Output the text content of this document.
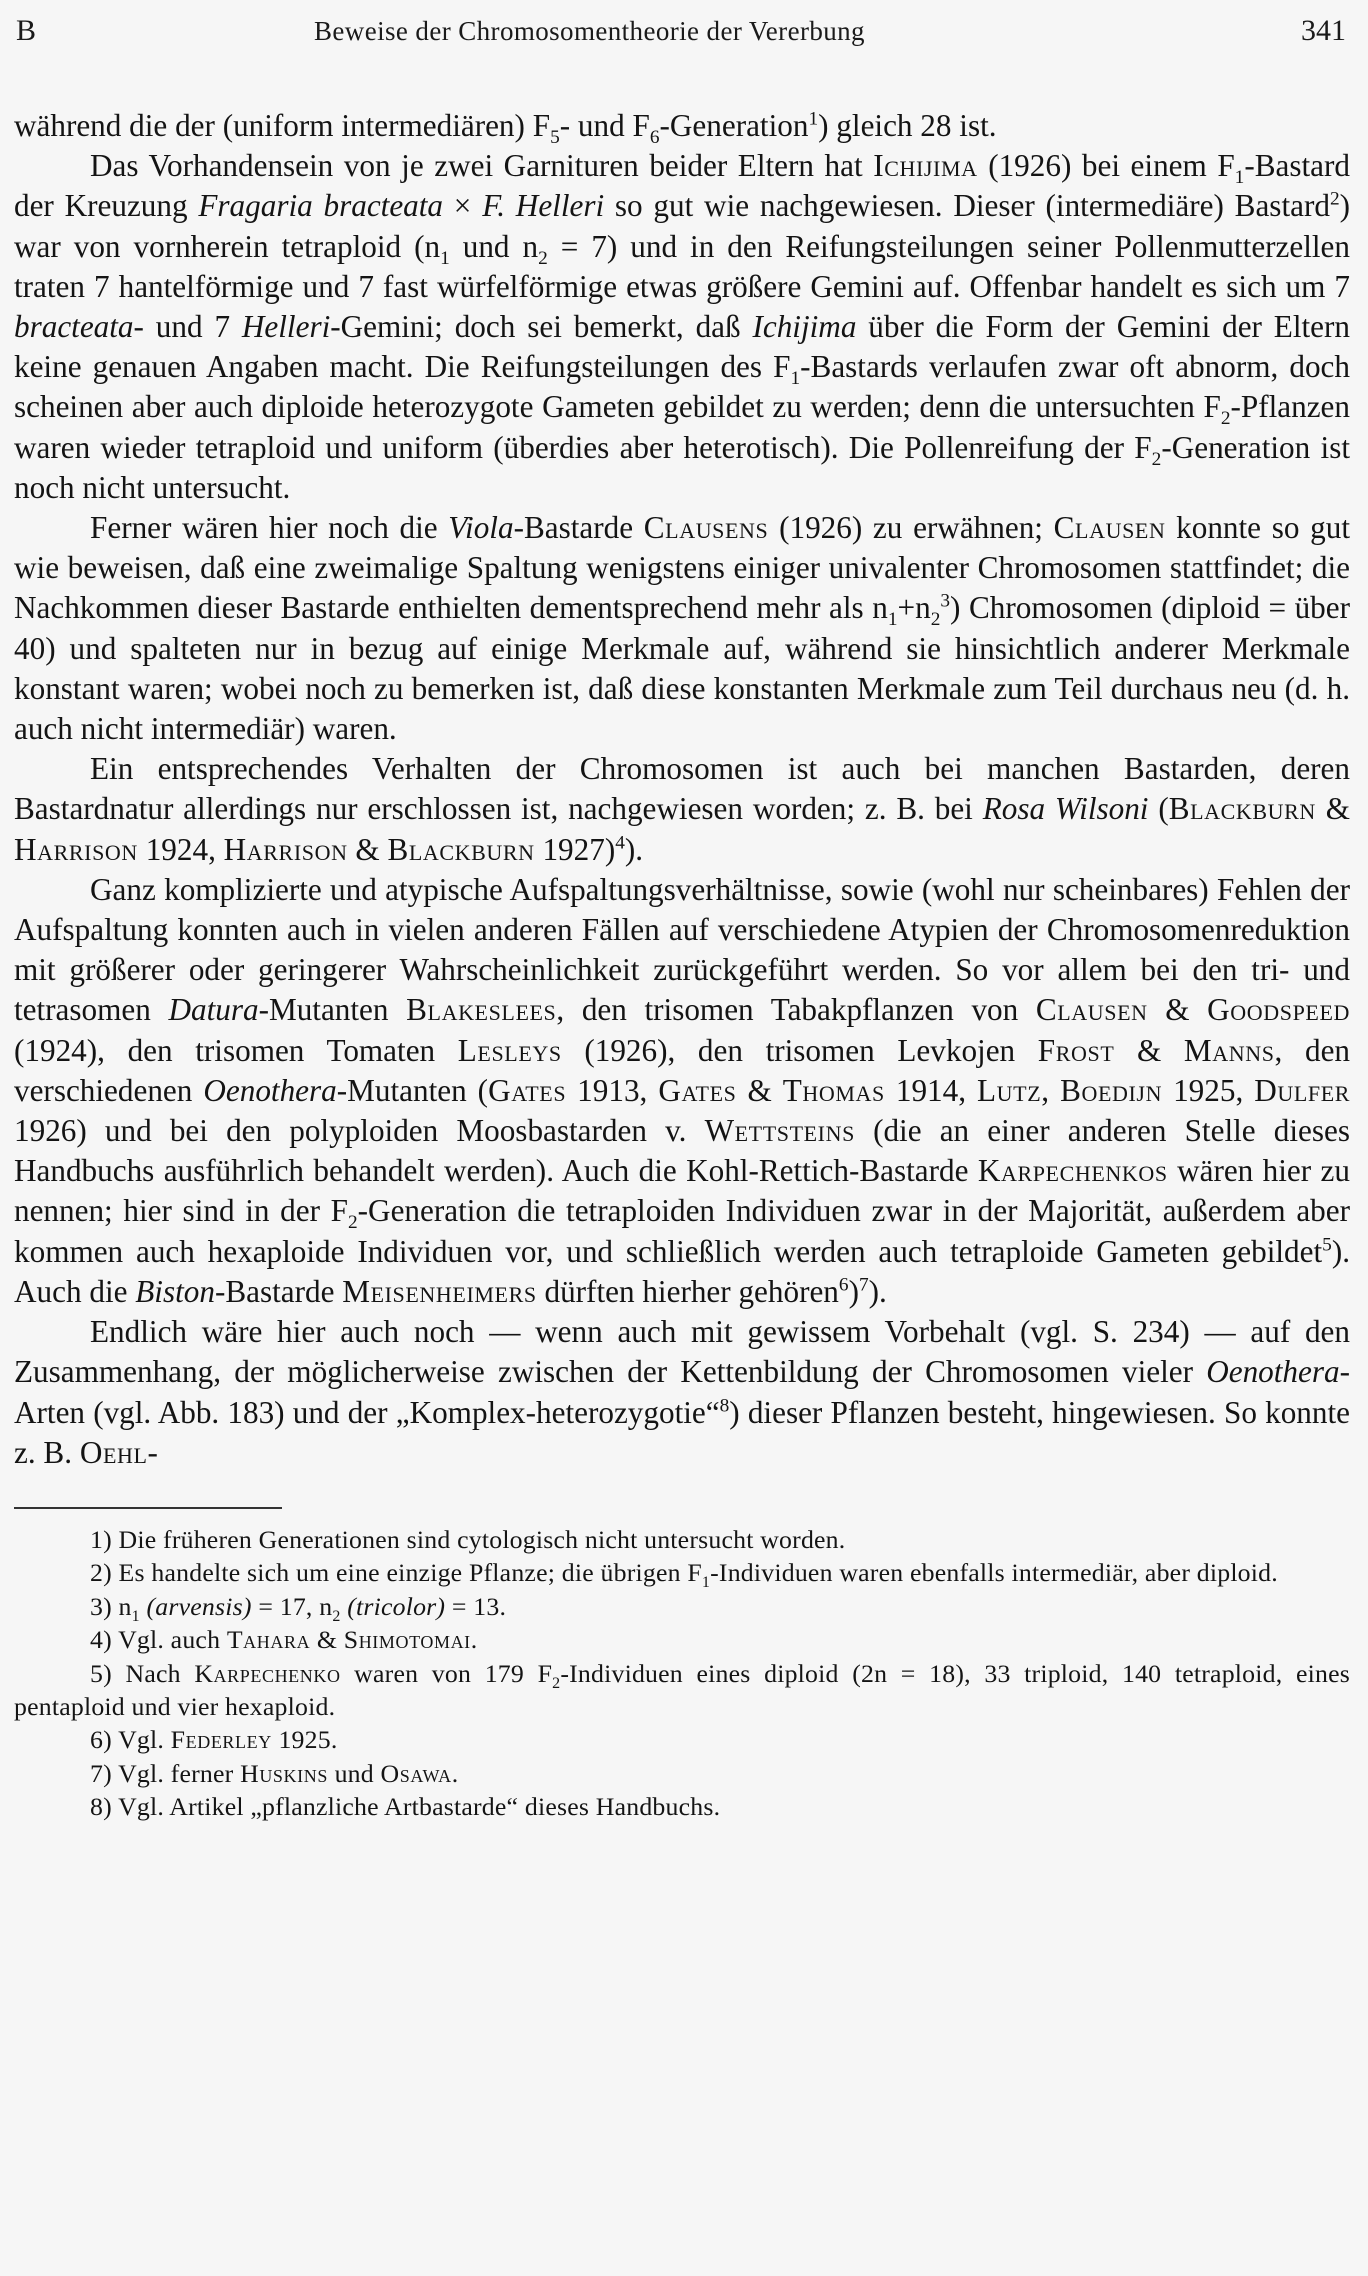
B	Beweise der Chromosomentheorie der Vererbung	341

während die der (uniform intermediären) $F_5-$ und $F_6-Generation^1$) gleich 28 ist.

Das Vorhandensein von je zwei Garnituren beider Eltern hat Ichijima (1926) bei einem $F_1$-Bastard der Kreuzung Fragaria bracteata × F. Helleri so gut wie nachgewiesen. Dieser (intermediäre) Bastard$^2$) war von vornherein tetraploid ($n_1$ und $n_2 = 7$) und in den Reifungsteilungen seiner Pollenmutterzellen traten 7 hantelförmige und 7 fast würfelförmige etwas größere Gemini auf. Offenbar handelt es sich um 7 bracteata- und 7 Helleri-Gemini; doch sei bemerkt, daß Ichijima über die Form der Gemini der Eltern keine genauen Angaben macht. Die Reifungsteilungen des $F_1$-Bastards verlaufen zwar oft abnorm, doch scheinen aber auch diploide heterozygote Gameten gebildet zu werden; denn die untersuchten $F_2$-Pflanzen waren wieder tetraploid und uniform (überdies aber heterotisch). Die Pollenreifung der $F_2$-Generation ist noch nicht untersucht.

Ferner wären hier noch die Viola-Bastarde Clausens (1926) zu erwähnen; Clausen konnte so gut wie beweisen, daß eine zweimalige Spaltung wenigstens einiger univalenter Chromosomen stattfindet; die Nachkommen dieser Bastarde enthielten dementsprechend mehr als $n_1+n_2^3$) Chromosomen (diploid = über 40) und spalteten nur in bezug auf einige Merkmale auf, während sie hinsichtlich anderer Merkmale konstant waren; wobei noch zu bemerken ist, daß diese konstanten Merkmale zum Teil durchaus neu (d. h. auch nicht intermediär) waren.

Ein entsprechendes Verhalten der Chromosomen ist auch bei manchen Bastarden, deren Bastardnatur allerdings nur erschlossen ist, nachgewiesen worden; z. B. bei Rosa Wilsoni (Blackburn & Harrison 1924, Harrison & Blackburn 1927)$^4$).

Ganz komplizierte und atypische Aufspaltungsverhältnisse, sowie (wohl nur scheinbares) Fehlen der Aufspaltung konnten auch in vielen anderen Fällen auf verschiedene Atypien der Chromosomenreduktion mit größerer oder geringerer Wahrscheinlichkeit zurückgeführt werden. So vor allem bei den tri- und tetrasomen Datura-Mutanten Blakeslees, den trisomen Tabakpflanzen von Clausen & Goodspeed (1924), den trisomen Tomaten Lesleys (1926), den trisomen Levkojen Frost & Manns, den verschiedenen Oenothera-Mutanten (Gates 1913, Gates & Thomas 1914, Lutz, Boedijn 1925, Dulfer 1926) und bei den polyploiden Moosbastarden v. Wettsteins (die an einer anderen Stelle dieses Handbuchs ausführlich behandelt werden). Auch die Kohl-Rettich-Bastarde Karpechenkos wären hier zu nennen; hier sind in der $F_2$-Generation die tetraploiden Individuen zwar in der Majorität, außerdem aber kommen auch hexaploide Individuen vor, und schließlich werden auch tetraploide Gameten gebildet$^5$). Auch die Biston-Bastarde Meisenheimers dürften hierher gehören$^6$)$^7$).

Endlich wäre hier auch noch — wenn auch mit gewissem Vorbehalt (vgl. S. 234) — auf den Zusammenhang, der möglicherweise zwischen der Kettenbildung der Chromosomen vieler Oenothera-Arten (vgl. Abb. 183) und der „Komplex-heterozygotie“$^8$) dieser Pflanzen besteht, hingewiesen. So konnte z. B. Oehl-

1) Die früheren Generationen sind cytologisch nicht untersucht worden.

2) Es handelte sich um eine einzige Pflanze; die übrigen $F_1$-Individuen waren ebenfalls intermediär, aber diploid.

3) $n_1$ (arvensis) = 17, $n_2$ (tricolor) = 13.

4) Vgl. auch Tahara & Shimotomai.

5) Nach Karpechenko waren von 179 $F_2$-Individuen eines diploid (2n = 18), 33 triploid, 140 tetraploid, eines pentaploid und vier hexaploid.

6) Vgl. Federley 1925.

7) Vgl. ferner Huskins und Osawa.

8) Vgl. Artikel „pflanzliche Artbastarde“ dieses Handbuchs.
